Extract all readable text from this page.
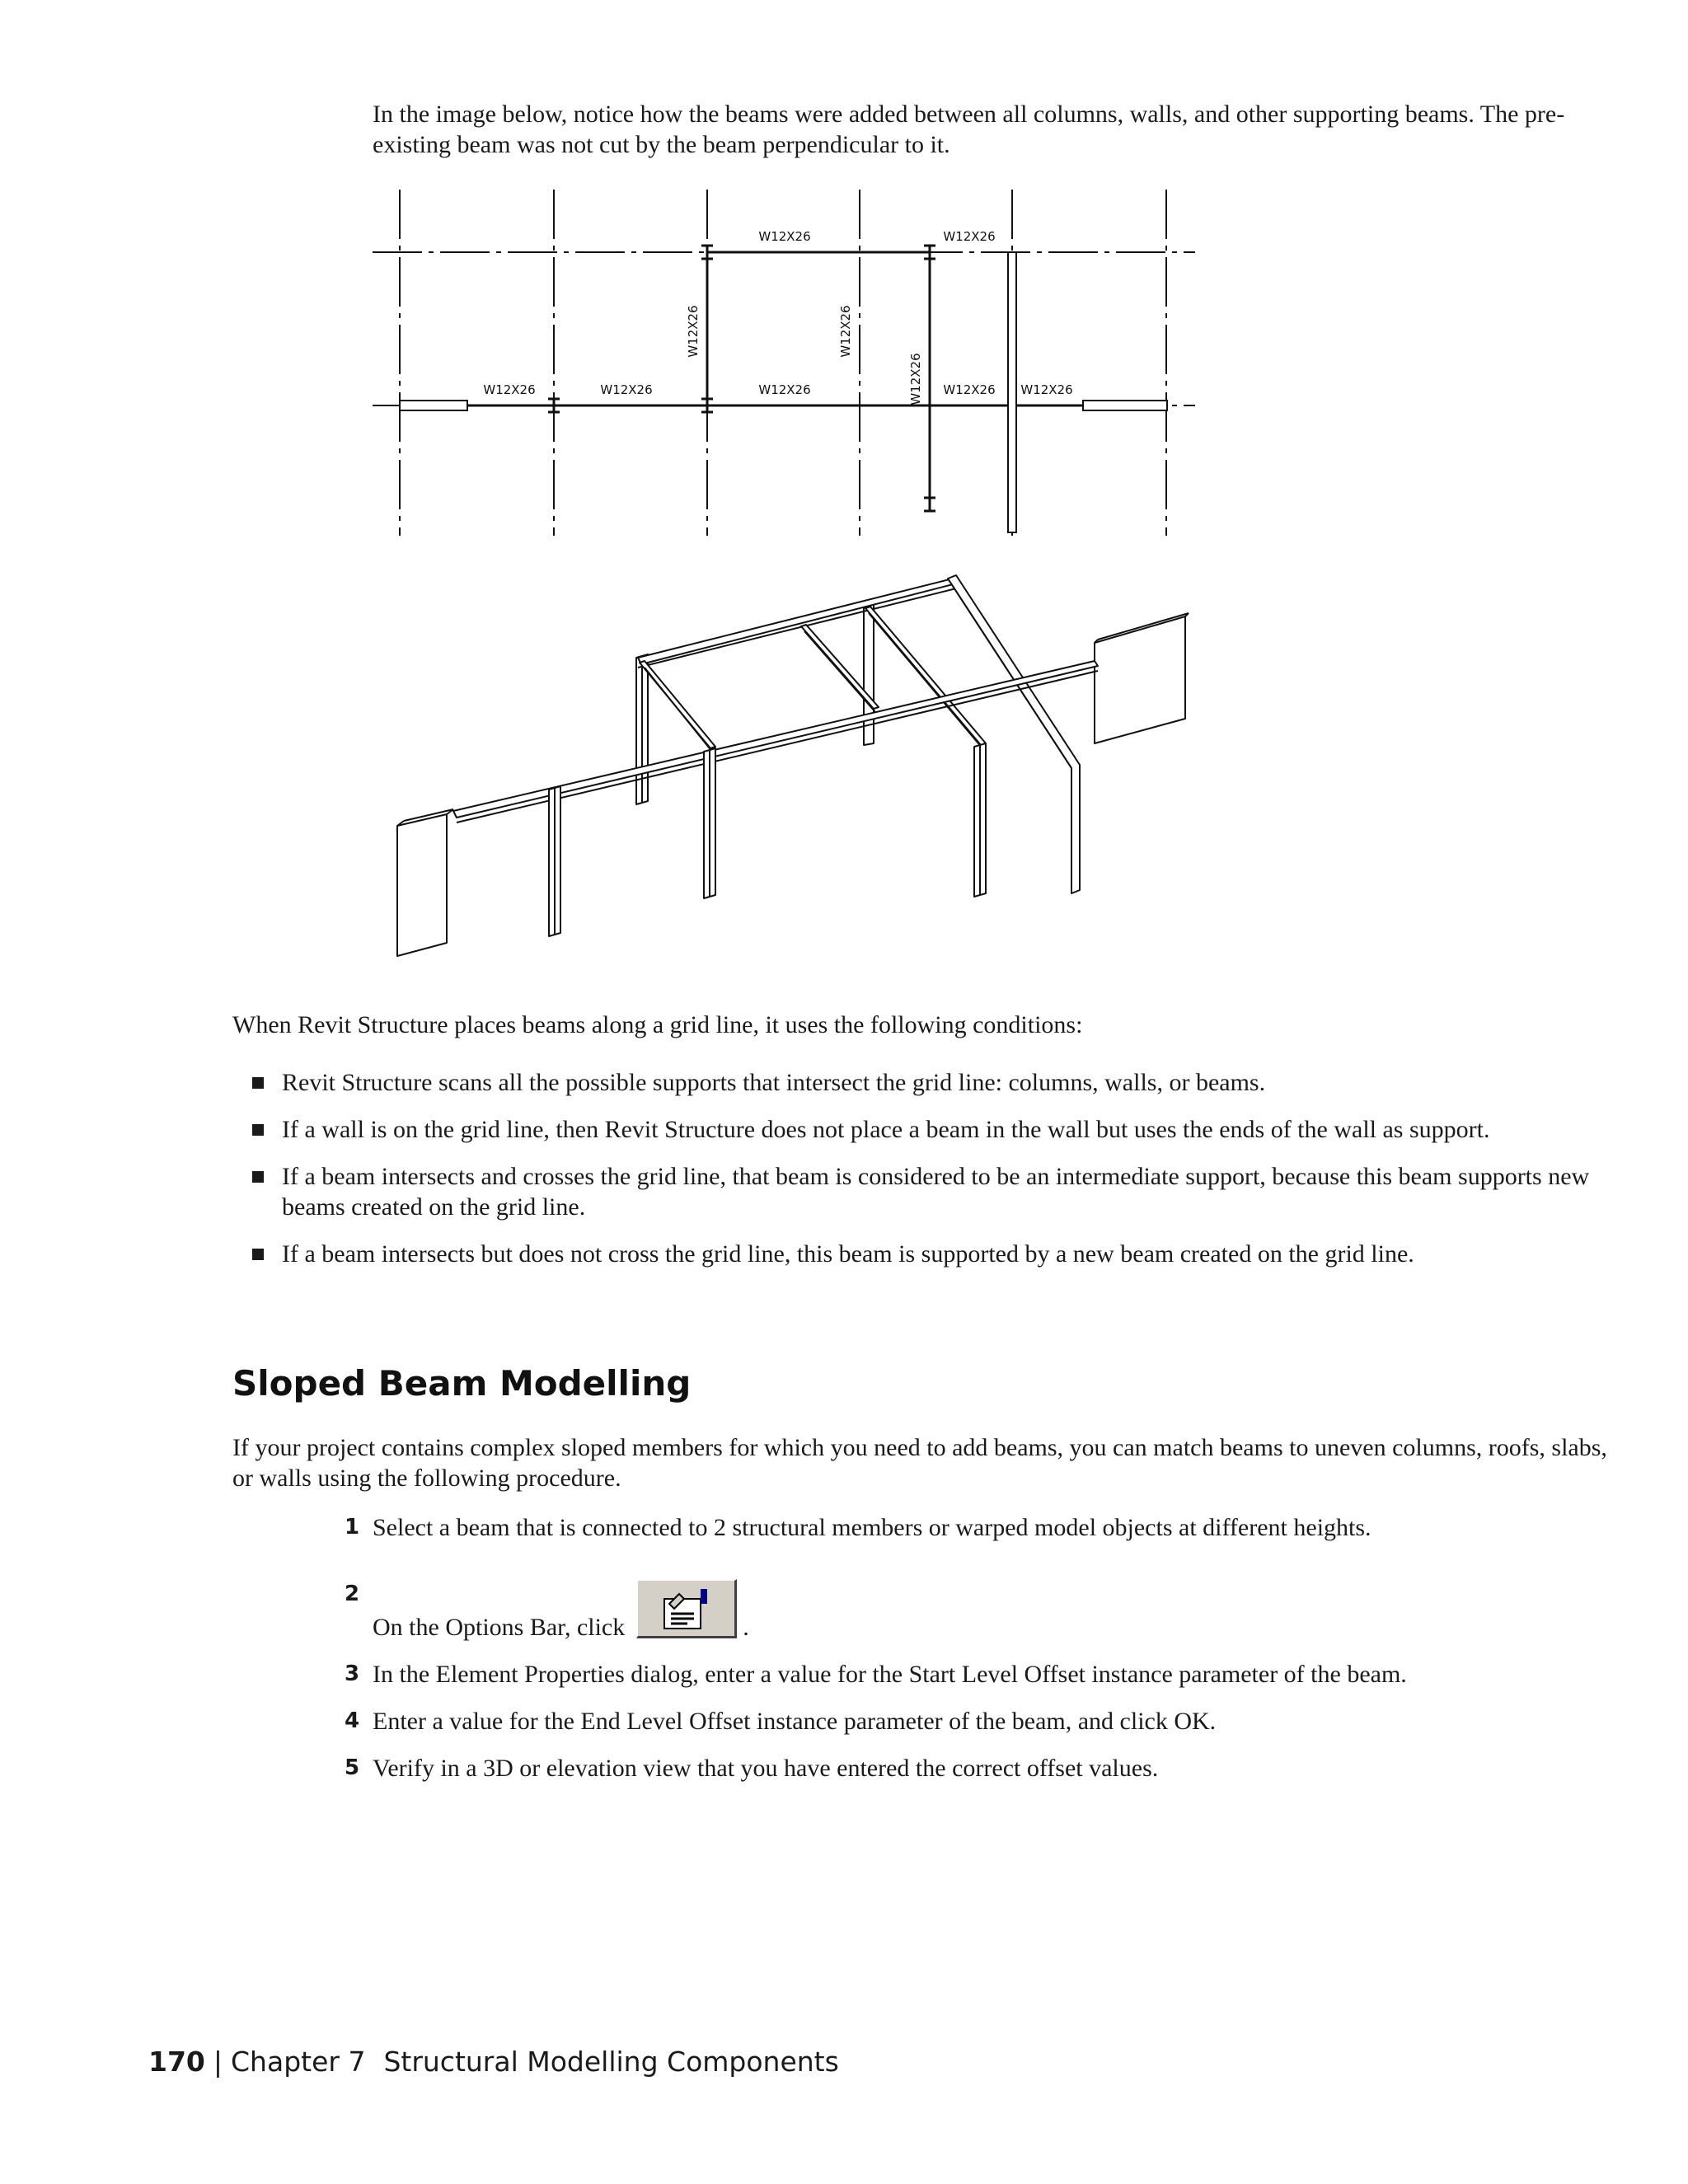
In the image below, notice how the beams were added between all columns, walls, and other supporting beams. The pre-existing beam was not cut by the beam perpendicular to it.

W12X26	W12X26
W12X26	W12X26
W12X26
W12X26	W12X26	W12X26	W12X26 W12X26

When Revit Structure places beams along a grid line, it uses the following conditions:

Revit Structure scans all the possible supports that intersect the grid line: columns, walls, or beams.
If a wall is on the grid line, then Revit Structure does not place a beam in the wall but uses the ends of the wall as support.
If a beam intersects and crosses the grid line, that beam is considered to be an intermediate support, because this beam supports new beams created on the grid line.
If a beam intersects but does not cross the grid line, this beam is supported by a new beam created on the grid line.
Sloped Beam Modelling

If your project contains complex sloped members for which you need to add beams, you can match beams to uneven columns, roofs, slabs, or walls using the following procedure.

1 Select a beam that is connected to 2 structural members or warped model objects at different heights.
2
On the Options Bar, click	.
3 In the Element Properties dialog, enter a value for the Start Level Offset instance parameter of the beam.
4 Enter a value for the End Level Offset instance parameter of the beam, and click OK.
5 Verify in a 3D or elevation view that you have entered the correct offset values.
170 | Chapter 7 Structural Modelling Components
